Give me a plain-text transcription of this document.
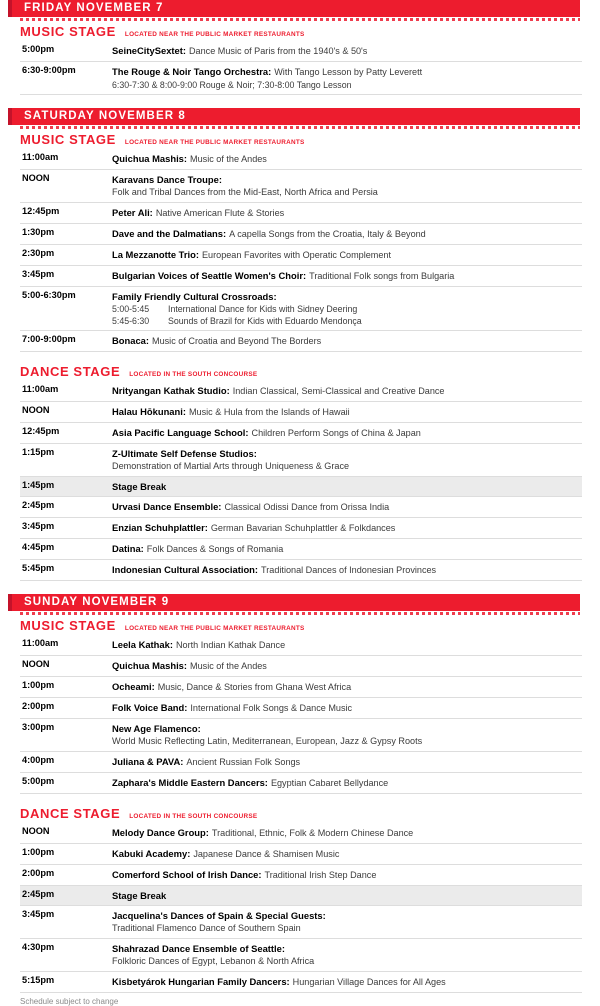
FRIDAY NOVEMBER 7
MUSIC STAGE LOCATED NEAR THE PUBLIC MARKET RESTAURANTS
5:00pm	SeineCitySextet: Dance Music of Paris from the 1940's & 50's
6:30-9:00pm	The Rouge & Noir Tango Orchestra: With Tango Lesson by Patty Leverett
6:30-7:30 & 8:00-9:00 Rouge & Noir; 7:30-8:00 Tango Lesson
SATURDAY NOVEMBER 8
MUSIC STAGE LOCATED NEAR THE PUBLIC MARKET RESTAURANTS
11:00am	Quichua Mashis: Music of the Andes
NOON	Karavans Dance Troupe:
Folk and Tribal Dances from the Mid-East, North Africa and Persia
12:45pm	Peter Ali: Native American Flute & Stories
1:30pm	Dave and the Dalmatians: A capella Songs from the Croatia, Italy & Beyond
2:30pm	La Mezzanotte Trio: European Favorites with Operatic Complement
3:45pm	Bulgarian Voices of Seattle Women's Choir: Traditional Folk songs from Bulgaria
5:00-6:30pm	Family Friendly Cultural Crossroads:
5:00-5:45 International Dance for Kids with Sidney Deering
5:45-6:30 Sounds of Brazil for Kids with Eduardo Mendonça
7:00-9:00pm	Bonaca: Music of Croatia and Beyond The Borders
DANCE STAGE LOCATED IN THE SOUTH CONCOURSE
11:00am	Nrityangan Kathak Studio: Indian Classical, Semi-Classical and Creative Dance
NOON	Halau Hōkunani: Music & Hula from the Islands of Hawaii
12:45pm	Asia Pacific Language School: Children Perform Songs of China & Japan
1:15pm	Z-Ultimate Self Defense Studios:
Demonstration of Martial Arts through Uniqueness & Grace
1:45pm	Stage Break
2:45pm	Urvasi Dance Ensemble: Classical Odissi Dance from Orissa India
3:45pm	Enzian Schuhplattler: German Bavarian Schuhplattler & Folkdances
4:45pm	Datina: Folk Dances & Songs of Romania
5:45pm	Indonesian Cultural Association: Traditional Dances of Indonesian Provinces
SUNDAY NOVEMBER 9
MUSIC STAGE LOCATED NEAR THE PUBLIC MARKET RESTAURANTS
11:00am	Leela Kathak: North Indian Kathak Dance
NOON	Quichua Mashis: Music of the Andes
1:00pm	Ocheami: Music, Dance & Stories from Ghana West Africa
2:00pm	Folk Voice Band: International Folk Songs & Dance Music
3:00pm	New Age Flamenco:
World Music Reflecting Latin, Mediterranean, European, Jazz & Gypsy Roots
4:00pm	Juliana & PAVA: Ancient Russian Folk Songs
5:00pm	Zaphara's Middle Eastern Dancers: Egyptian Cabaret Bellydance
DANCE STAGE LOCATED IN THE SOUTH CONCOURSE
NOON	Melody Dance Group: Traditional, Ethnic, Folk & Modern Chinese Dance
1:00pm	Kabuki Academy: Japanese Dance & Shamisen Music
2:00pm	Comerford School of Irish Dance: Traditional Irish Step Dance
2:45pm	Stage Break
3:45pm	Jacquelina's Dances of Spain & Special Guests:
Traditional Flamenco Dance of Southern Spain
4:30pm	Shahrazad Dance Ensemble of Seattle:
Folkloric Dances of Egypt, Lebanon & North Africa
5:15pm	Kisbetyárok Hungarian Family Dancers: Hungarian Village Dances for All Ages
Schedule subject to change
